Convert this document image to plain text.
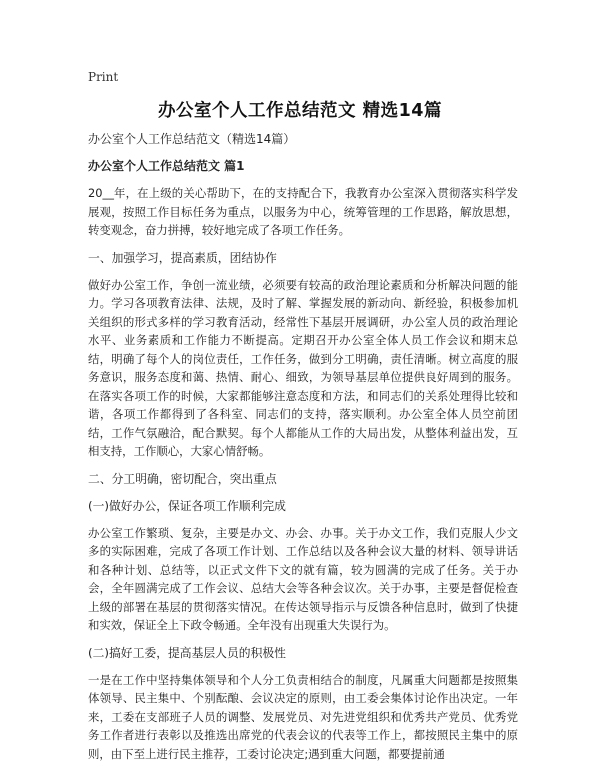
Print
办公室个人工作总结范文 精选14篇

办公室个人工作总结范文（精选14篇）

办公室个人工作总结范文 篇1

20__年，在上级的关心帮助下，在的支持配合下，我教育办公室深入贯彻落实科学发展观，按照工作目标任务为重点，以服务为中心，统筹管理的工作思路，解放思想，转变观念，奋力拼搏，较好地完成了各项工作任务。

一、加强学习，提高素质，团结协作

做好办公室工作，争创一流业绩，必须要有较高的政治理论素质和分析解决问题的能力。学习各项教育法律、法规，及时了解、掌握发展的新动向、新经验，积极参加机关组织的形式多样的学习教育活动，经常性下基层开展调研，办公室人员的政治理论水平、业务素质和工作能力不断提高。定期召开办公室全体人员工作会议和期末总结，明确了每个人的岗位责任，工作任务，做到分工明确，责任清晰。树立高度的服务意识，服务态度和蔼、热情、耐心、细致，为领导基层单位提供良好周到的服务。在落实各项工作的时候，大家都能够注意态度和方法，和同志们的关系处理得比较和谐，各项工作都得到了各科室、同志们的支持，落实顺利。办公室全体人员空前团结，工作气氛融洽，配合默契。每个人都能从工作的大局出发，从整体利益出发，互相支持，工作顺心，大家心情舒畅。

二、分工明确，密切配合，突出重点

(一)做好办公，保证各项工作顺利完成

办公室工作繁琐、复杂，主要是办文、办会、办事。关于办文工作，我们克服人少文多的实际困难，完成了各项工作计划、工作总结以及各种会议大量的材料、领导讲话和各种计划、总结等，以正式文件下文的就有篇，较为圆满的完成了任务。关于办会，全年圆满完成了工作会议、总结大会等各种会议次。关于办事，主要是督促检查上级的部署在基层的贯彻落实情况。在传达领导指示与反馈各种信息时，做到了快捷和实效，保证全上下政令畅通。全年没有出现重大失误行为。

(二)搞好工委，提高基层人员的积极性

一是在工作中坚持集体领导和个人分工负责相结合的制度，凡属重大问题都是按照集体领导、民主集中、个别酝酿、会议决定的原则，由工委会集体讨论作出决定。一年来，工委在支部班子人员的调整、发展党员、对先进党组织和优秀共产党员、优秀党务工作者进行表彰以及推选出席党的代表会议的代表等工作上，都按照民主集中的原则，由下至上进行民主推荐，工委讨论决定;遇到重大问题，都要提前通
